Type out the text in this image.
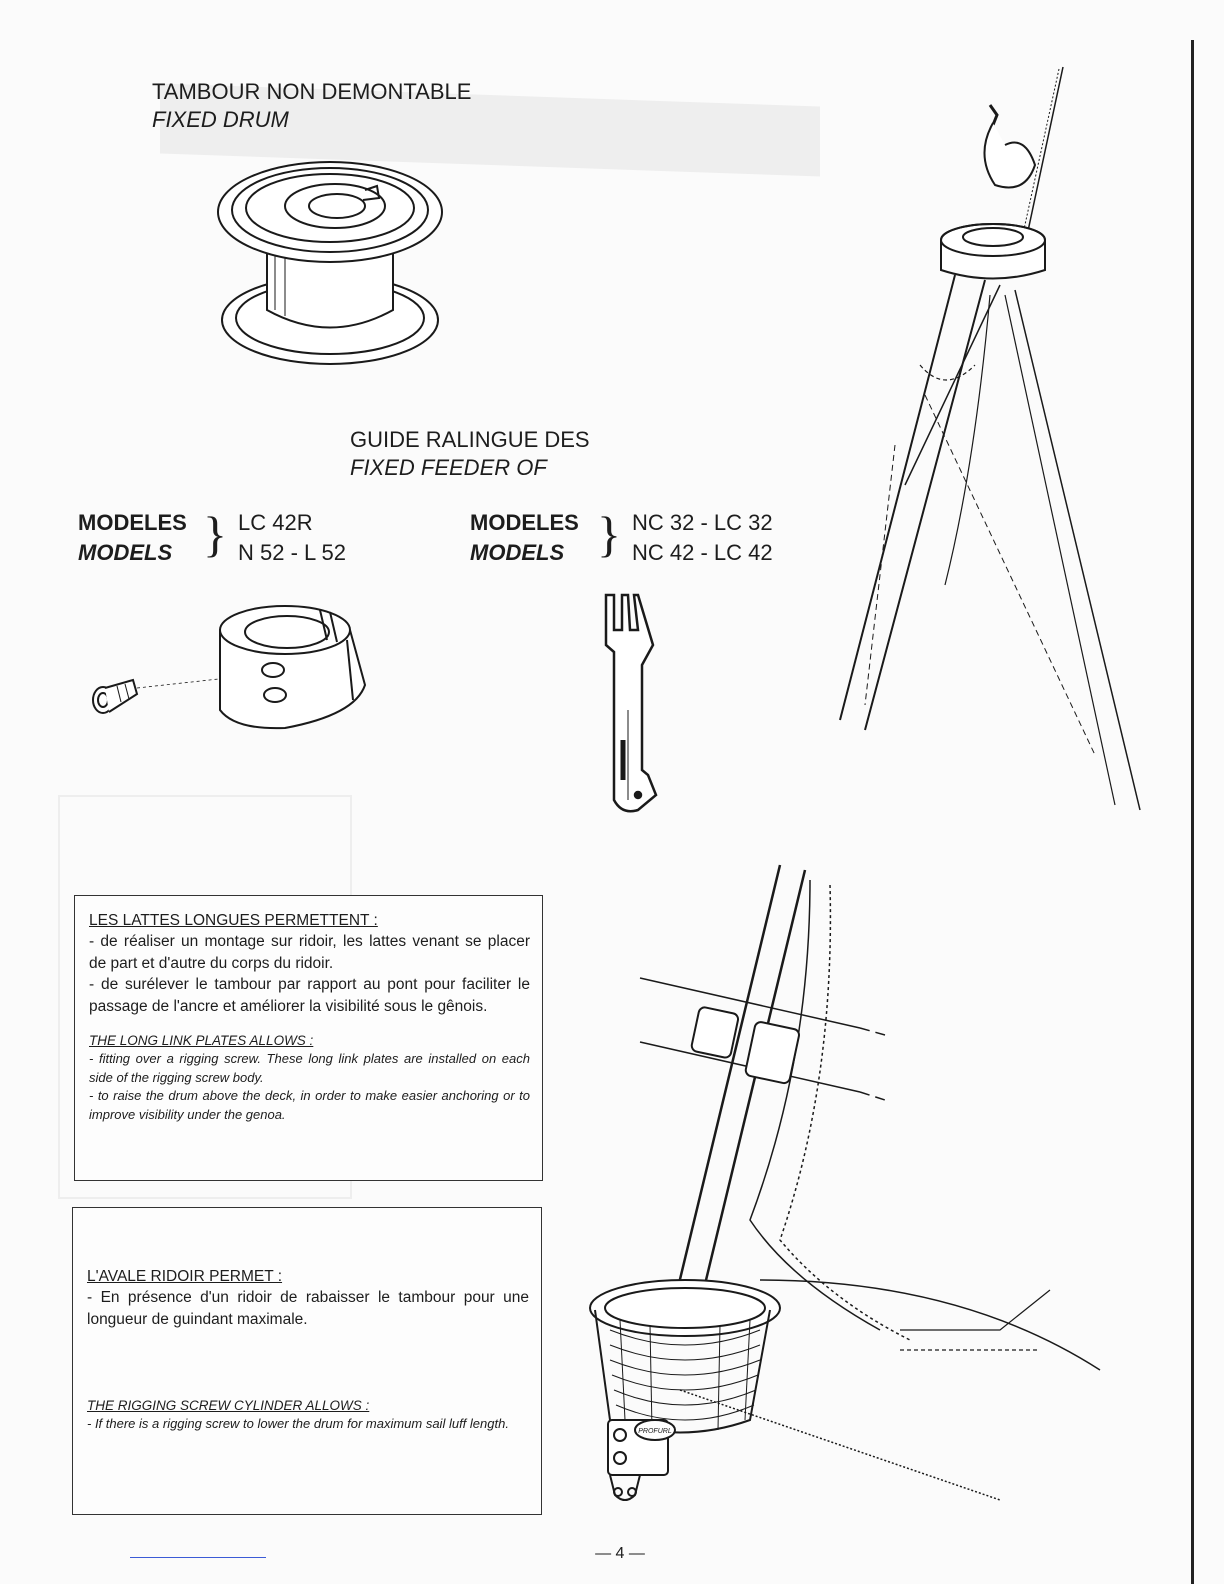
TAMBOUR NON DEMONTABLE
FIXED DRUM
GUIDE RALINGUE DES
FIXED FEEDER OF
MODELES
MODELS } LC 42R
N 52 - L 52
MODELES
MODELS } NC 32 - LC 32
NC 42 - LC 42

LES LATTES LONGUES PERMETTENT :

- de réaliser un montage sur ridoir, les lattes venant se placer de part et d'autre du corps du ridoir.

- de surélever le tambour par rapport au pont pour faciliter le passage de l'ancre et améliorer la visibilité sous le gênois.

THE LONG LINK PLATES ALLOWS :

- fitting over a rigging screw. These long link plates are installed on each side of the rigging screw body.

- to raise the drum above the deck, in order to make easier anchoring or to improve visibility under the genoa.

L'AVALE RIDOIR PERMET :

- En présence d'un ridoir de rabaisser le tambour pour une longueur de guindant maximale.

THE RIGGING SCREW CYLINDER ALLOWS :

- If there is a rigging screw to lower the drum for maximum sail luff length.

PROFURL
— 4 —
